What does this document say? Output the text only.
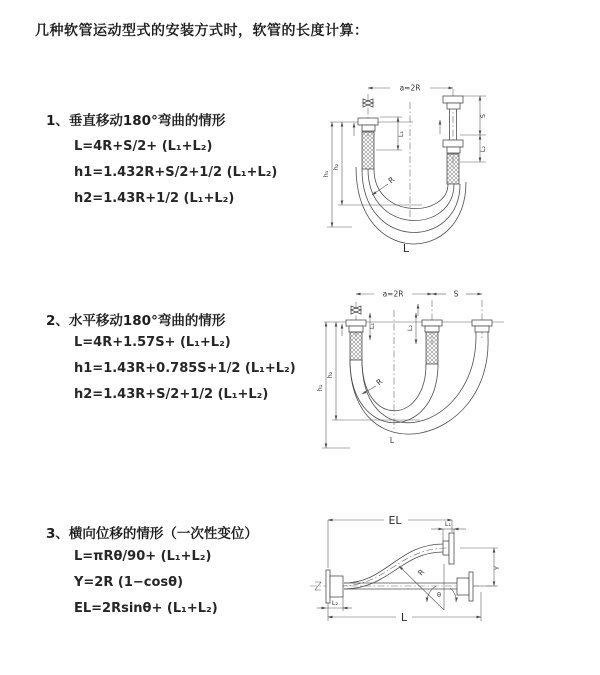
几种软管运动型式的安装方式时，软管的长度计算：
1、垂直移动180°弯曲的情形
L=4R+S/2+ (L₁+L₂)
h1=1.432R+S/2+1/2 (L₁+L₂)
h2=1.43R+1/2 (L₁+L₂)
2、水平移动180°弯曲的情形
L=4R+1.57S+ (L₁+L₂)
h1=1.43R+0.785S+1/2 (L₁+L₂)
h2=1.43R+S/2+1/2 (L₁+L₂)
3、横向位移的情形（一次性变位）
L=πRθ/90+ (L₁+L₂)
Y=2R (1−cosθ)
EL=2Rsinθ+ (L₁+L₂)
a=2R
L₁
S
L₂
R
h₁
h₂
L
a=2R	S
L₁	L₂
R
h₁
h₂
L
EL	L₁
R
θ
Y
L₂
L
